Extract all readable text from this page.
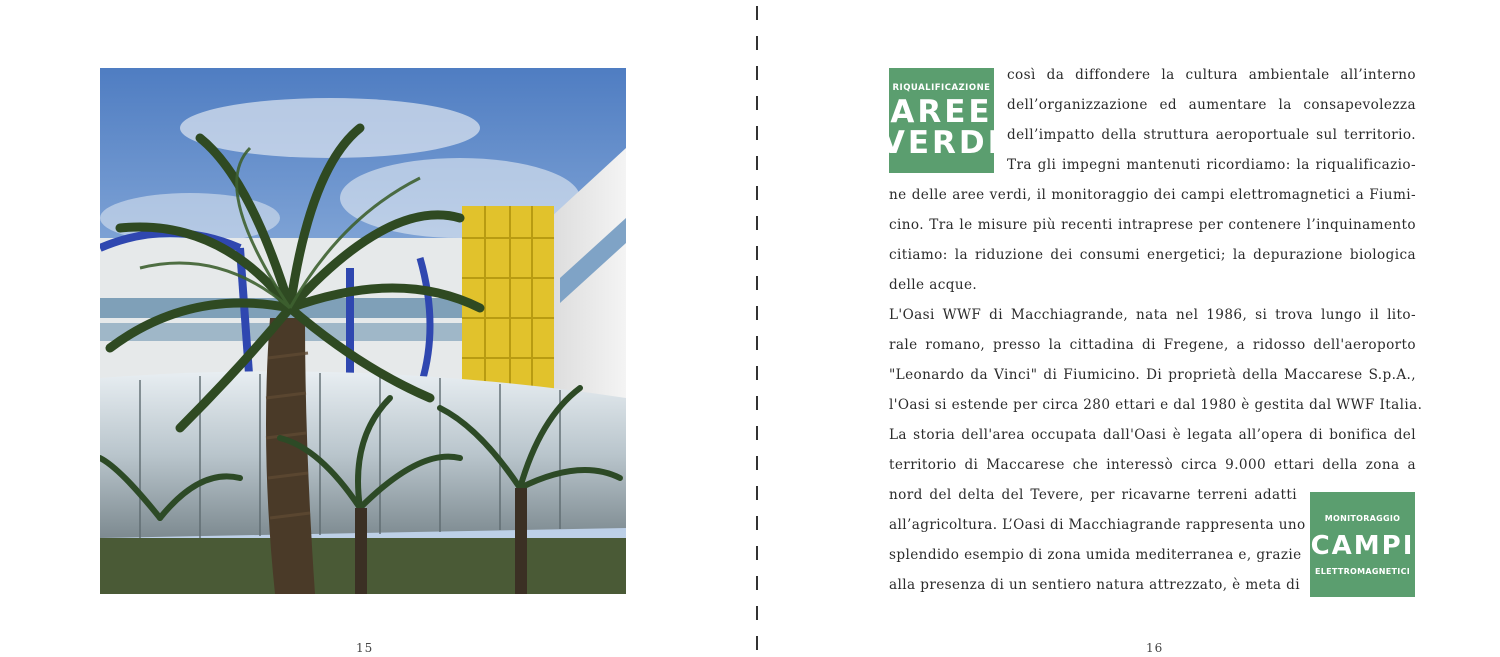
15
RIQUALIFICAZIONE
AREE
VERDI
MONITORAGGIO
CAMPI
ELETTROMAGNETICI
così da diffondere la cultura ambientale all’interno
dell’organizzazione ed aumentare la consapevolezza
dell’impatto della struttura aeroportuale sul territorio.
Tra gli impegni mantenuti ricordiamo: la riqualificazio-
ne delle aree verdi, il monitoraggio dei campi elettromagnetici a Fiumi-
cino. Tra le misure più recenti intraprese per contenere l’inquinamento
citiamo: la riduzione dei consumi energetici; la depurazione biologica
delle acque.
L'Oasi WWF di Macchiagrande, nata nel 1986, si trova lungo il lito-
rale romano, presso la cittadina di Fregene, a ridosso dell'aeroporto
"Leonardo da Vinci" di Fiumicino. Di proprietà della Maccarese S.p.A.,
l'Oasi si estende per circa 280 ettari e dal 1980 è gestita dal WWF Italia.
La storia dell'area occupata dall'Oasi è legata all’opera di bonifica del
territorio di Maccarese che interessò circa 9.000 ettari della zona a
nord del delta del Tevere, per ricavarne terreni adatti
all’agricoltura. L’Oasi di Macchiagrande rappresenta uno
splendido esempio di zona umida mediterranea e, grazie
alla presenza di un sentiero natura attrezzato, è meta di
16
